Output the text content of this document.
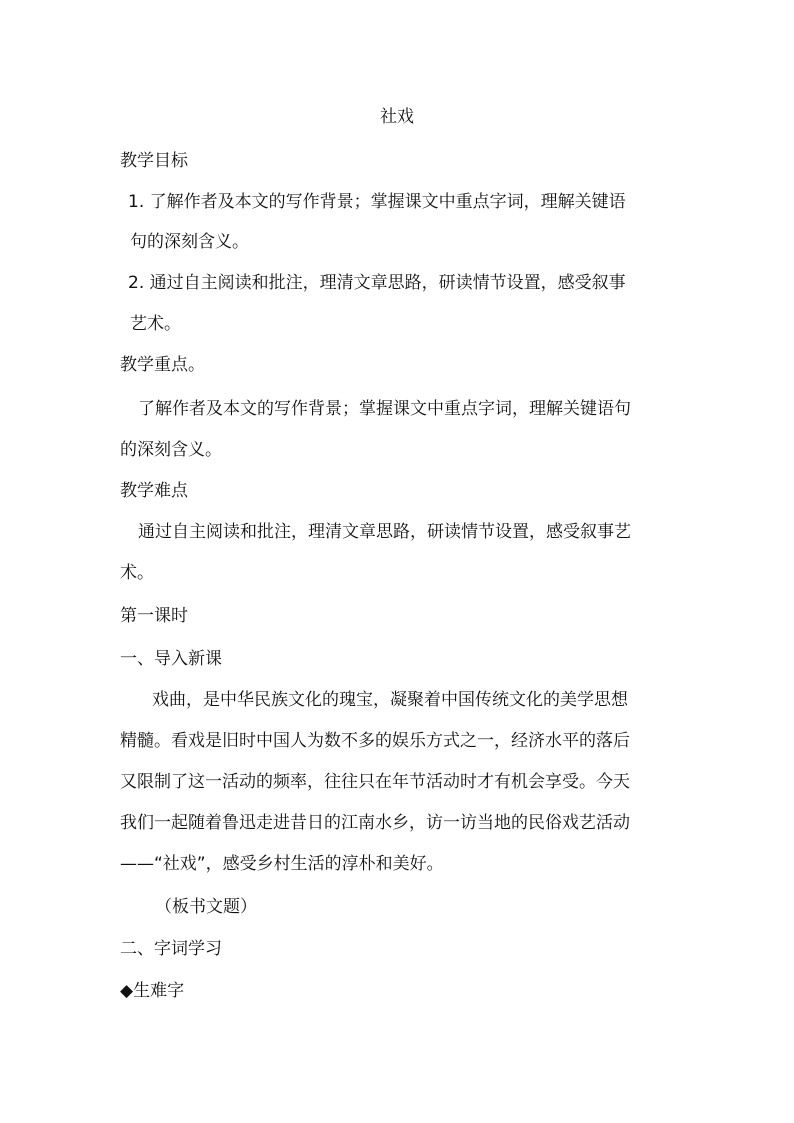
社戏
教学目标
1. 了解作者及本文的写作背景；掌握课文中重点字词，理解关键语
句的深刻含义。
2. 通过自主阅读和批注，理清文章思路，研读情节设置，感受叙事
艺术。
教学重点。
了解作者及本文的写作背景；掌握课文中重点字词，理解关键语句
的深刻含义。
教学难点
通过自主阅读和批注，理清文章思路，研读情节设置，感受叙事艺
术。
第一课时
一、导入新课
戏曲，是中华民族文化的瑰宝，凝聚着中国传统文化的美学思想
精髓。看戏是旧时中国人为数不多的娱乐方式之一，经济水平的落后
又限制了这一活动的频率，往往只在年节活动时才有机会享受。今天
我们一起随着鲁迅走进昔日的江南水乡，访一访当地的民俗戏艺活动
——“社戏”，感受乡村生活的淳朴和美好。
（板书文题）
二、字词学习
◆生难字
